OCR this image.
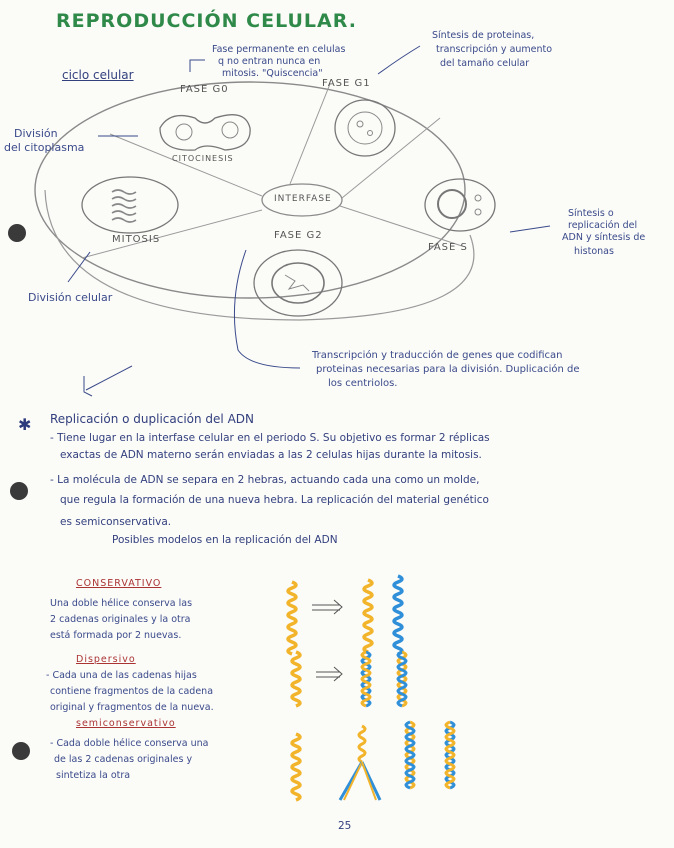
✱
REPRODUCCIÓN CELULAR.
ciclo celular
FASE G0
Fase permanente en celulas
q no entran nunca en
mitosis. "Quiscencia"
FASE G1
Síntesis de proteinas,
transcripción y aumento
del tamaño celular
División
del citoplasma
CITOCINESIS
INTERFASE
MITOSIS	FASE G2
FASE S
Síntesis o
replicación del
ADN y síntesis de
histonas
División celular
Transcripción y traducción de genes que codifican
proteinas necesarias para la división. Duplicación de
los centriolos.
Replicación o duplicación del ADN
- Tiene lugar en la interfase celular en el periodo S. Su objetivo es formar 2 réplicas
exactas de ADN materno serán enviadas a las 2 celulas hijas durante la mitosis.
- La molécula de ADN se separa en 2 hebras, actuando cada una como un molde,
que regula la formación de una nueva hebra. La replicación del material genético
es semiconservativa.
Posibles modelos en la replicación del ADN
CONSERVATIVO
Una doble hélice conserva las
2 cadenas originales y la otra
está formada por 2 nuevas.
Dispersivo
- Cada una de las cadenas hijas
contiene fragmentos de la cadena
original y fragmentos de la nueva.
semiconservativo
- Cada doble hélice conserva una
de las 2 cadenas originales y
sintetiza la otra
25
